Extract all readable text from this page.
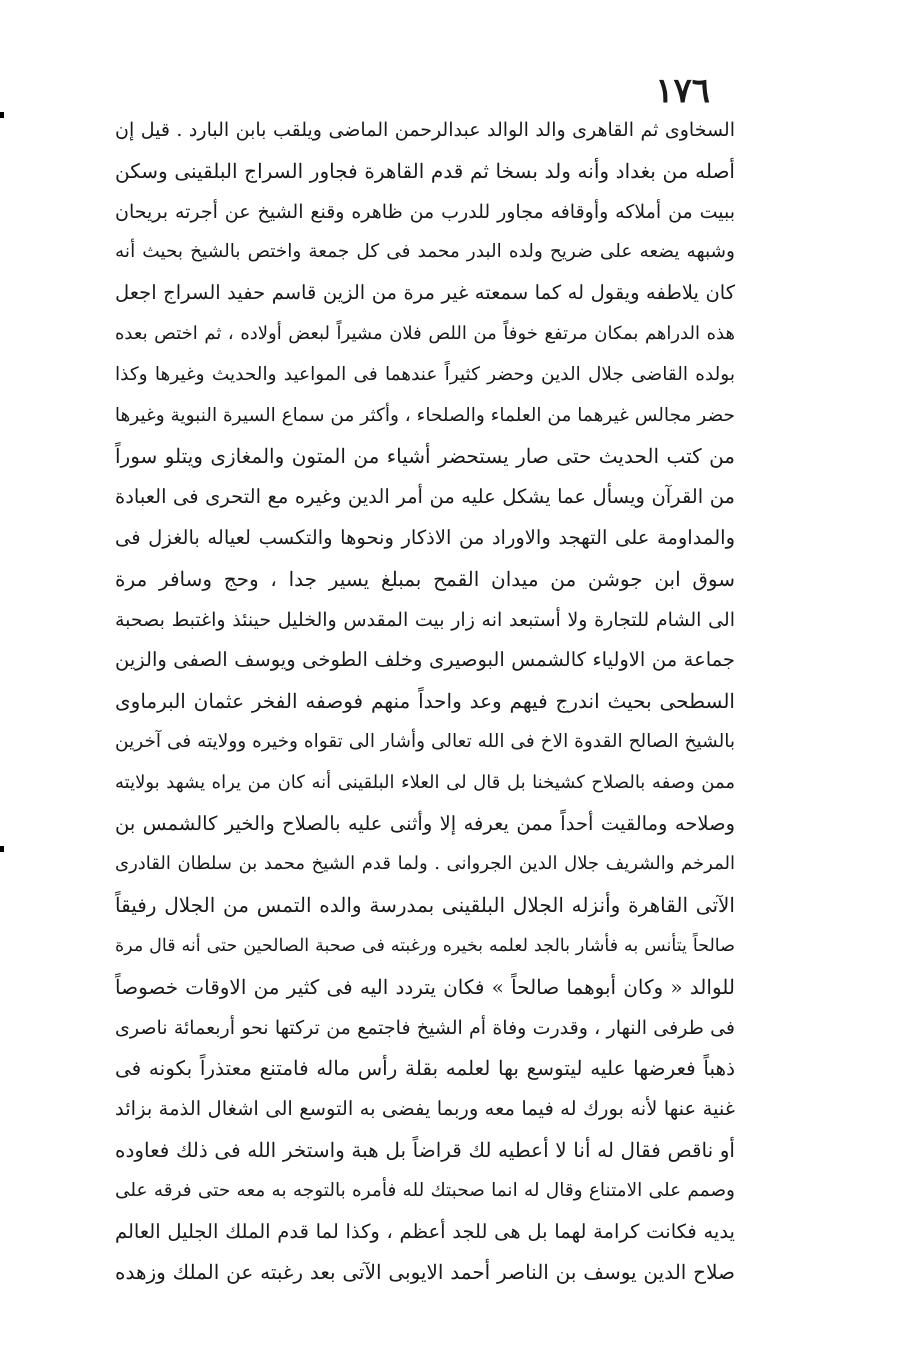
١٧٦
السخاوى ثم القاهرى والد الوالد عبدالرحمن الماضى ويلقب بابن البارد . قيل إن
أصله من بغداد وأنه ولد بسخا ثم قدم القاهرة فجاور السراج البلقينى وسكن
ببيت من أملاكه وأوقافه مجاور للدرب من ظاهره وقنع الشيخ عن أجرته بريحان
وشبهه يضعه على ضريح ولده البدر محمد فى كل جمعة واختص بالشيخ بحيث أنه
كان يلاطفه ويقول له كما سمعته غير مرة من الزين قاسم حفيد السراج اجعل
هذه الدراهم بمكان مرتفع خوفاً من اللص فلان مشيراً لبعض أولاده ، ثم اختص بعده
بولده القاضى جلال الدين وحضر كثيراً عندهما فى المواعيد والحديث وغيرها وكذا
حضر مجالس غيرهما من العلماء والصلحاء ، وأكثر من سماع السيرة النبوية وغيرها
من كتب الحديث حتى صار يستحضر أشياء من المتون والمغازى ويتلو سوراً
من القرآن ويسأل عما يشكل عليه من أمر الدين وغيره مع التحرى فى العبادة
والمداومة على التهجد والاوراد من الاذكار ونحوها والتكسب لعياله بالغزل فى
سوق ابن جوشن من ميدان القمح بمبلغ يسير جدا ، وحج وسافر مرة
الى الشام للتجارة ولا أستبعد انه زار بيت المقدس والخليل حينئذ واغتبط بصحبة
جماعة من الاولياء كالشمس البوصيرى وخلف الطوخى ويوسف الصفى والزين
السطحى بحيث اندرج فيهم وعد واحداً منهم فوصفه الفخر عثمان البرماوى
بالشيخ الصالح القدوة الاخ فى الله تعالى وأشار الى تقواه وخيره وولايته فى آخرين
ممن وصفه بالصلاح كشيخنا بل قال لى العلاء البلقينى أنه كان من يراه يشهد بولايته
وصلاحه ومالقيت أحداً ممن يعرفه إلا وأثنى عليه بالصلاح والخير كالشمس بن
المرخم والشريف جلال الدين الجروانى . ولما قدم الشيخ محمد بن سلطان القادرى
الآتى القاهرة وأنزله الجلال البلقينى بمدرسة والده التمس من الجلال رفيقاً
صالحاً يتأنس به فأشار بالجد لعلمه بخيره ورغبته فى صحبة الصالحين حتى أنه قال مرة
للوالد « وكان أبوهما صالحاً » فكان يتردد اليه فى كثير من الاوقات خصوصاً
فى طرفى النهار ، وقدرت وفاة أم الشيخ فاجتمع من تركتها نحو أربعمائة ناصرى
ذهباً فعرضها عليه ليتوسع بها لعلمه بقلة رأس ماله فامتنع معتذراً بكونه فى
غنية عنها لأنه بورك له فيما معه وربما يفضى به التوسع الى اشغال الذمة بزائد
أو ناقص فقال له أنا لا أعطيه لك قراضاً بل هبة واستخر الله فى ذلك فعاوده
وصمم على الامتناع وقال له انما صحبتك لله فأمره بالتوجه به معه حتى فرقه على
يديه فكانت كرامة لهما بل هى للجد أعظم ، وكذا لما قدم الملك الجليل العالم
صلاح الدين يوسف بن الناصر أحمد الايوبى الآتى بعد رغبته عن الملك وزهده
